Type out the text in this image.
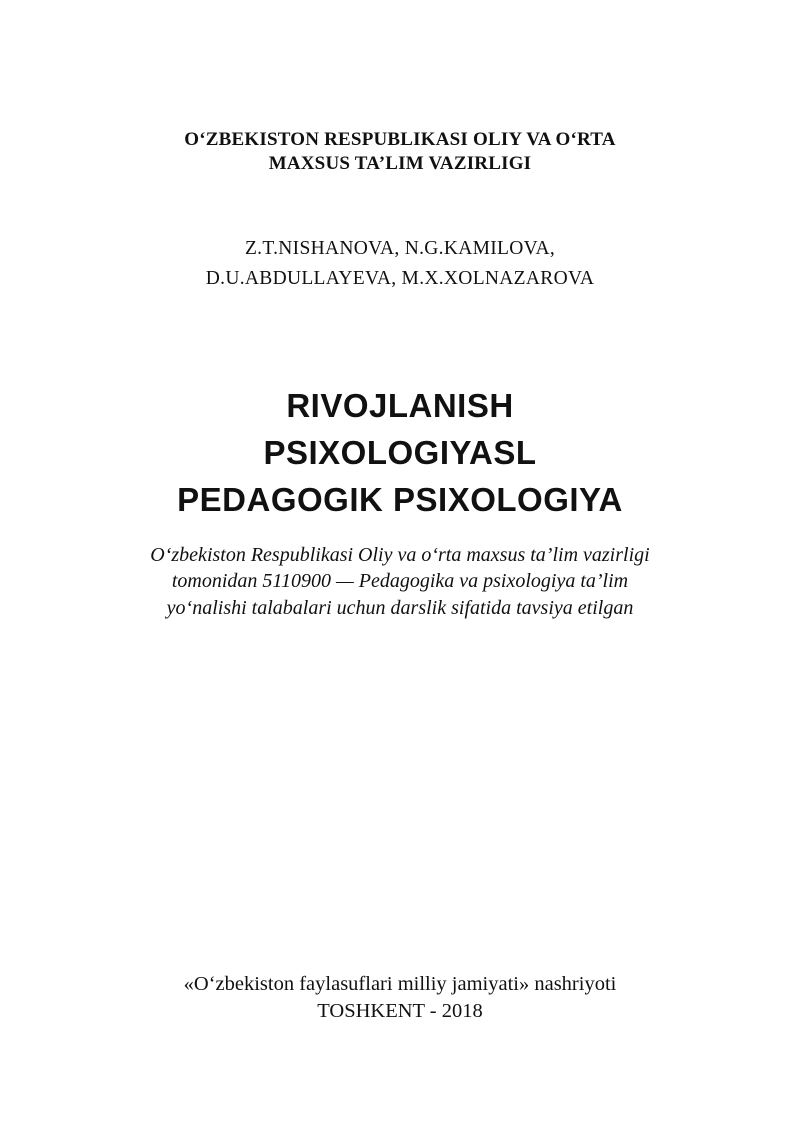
O‘ZBEKISTON RESPUBLIKASI OLIY VA O‘RTA
MAXSUS TA’LIM VAZIRLIGI
Z.T.NISHANOVA, N.G.KAMILOVA,
D.U.ABDULLAYEVA, M.X.XOLNAZAROVA
RIVOJLANISH
PSIXOLOGIYASL
PEDAGOGIK PSIXOLOGIYA
O‘zbekiston Respublikasi Oliy va o‘rta maxsus ta’lim vazirligi
tomonidan 5110900 — Pedagogika va psixologiya ta’lim
yo‘nalishi talabalari uchun darslik sifatida tavsiya etilgan
«O‘zbekiston faylasuflari milliy jamiyati» nashriyoti
TOSHKENT - 2018
